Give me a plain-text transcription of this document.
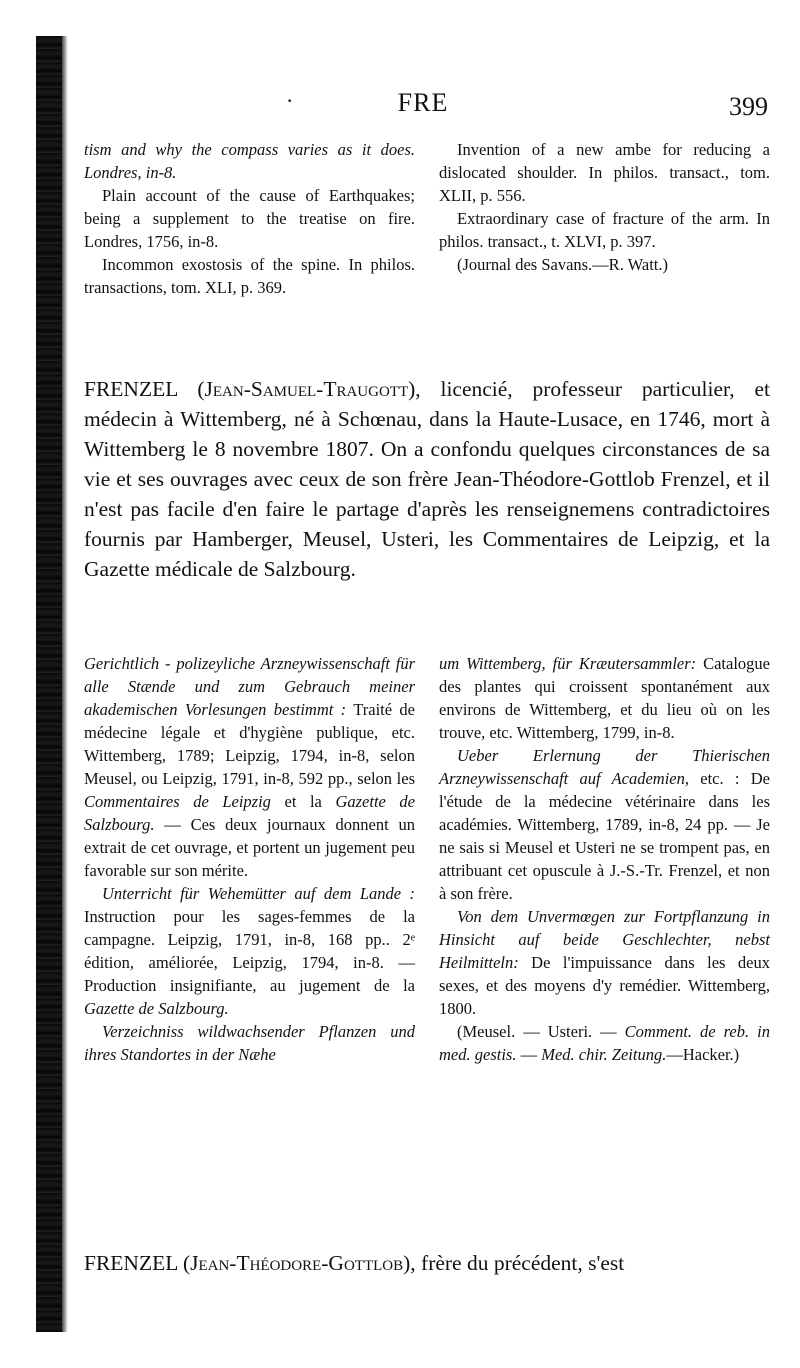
·	FRE	399

tism and why the compass varies as it does. Londres, in-8.

Plain account of the cause of Earthquakes; being a supplement to the treatise on fire. Londres, 1756, in-8.

Incommon exostosis of the spine. In philos. transactions, tom. XLI, p. 369.

Invention of a new ambe for reducing a dislocated shoulder. In philos. transact., tom. XLII, p. 556.

Extraordinary case of fracture of the arm. In philos. transact., t. XLVI, p. 397.

(Journal des Savans.—R. Watt.)

FRENZEL (Jean-Samuel-Traugott), licencié, professeur particulier, et médecin à Wittemberg, né à Schœnau, dans la Haute-Lusace, en 1746, mort à Wittemberg le 8 novembre 1807. On a confondu quelques circonstances de sa vie et ses ouvrages avec ceux de son frère Jean-Théodore-Gottlob Frenzel, et il n'est pas facile d'en faire le partage d'après les renseignemens contradictoires fournis par Hamberger, Meusel, Usteri, les Commentaires de Leipzig, et la Gazette médicale de Salzbourg.

Gerichtlich - polizeyliche Arzneywissenschaft für alle Stænde und zum Gebrauch meiner akademischen Vorlesungen bestimmt : Traité de médecine légale et d'hygiène publique, etc. Wittemberg, 1789; Leipzig, 1794, in-8, selon Meusel, ou Leipzig, 1791, in-8, 592 pp., selon les Commentaires de Leipzig et la Gazette de Salzbourg. — Ces deux journaux donnent un extrait de cet ouvrage, et portent un jugement peu favorable sur son mérite.

Unterricht für Wehemütter auf dem Lande : Instruction pour les sages-femmes de la campagne. Leipzig, 1791, in-8, 168 pp.. 2ᵉ édition, améliorée, Leipzig, 1794, in-8. — Production insignifiante, au jugement de la Gazette de Salzbourg.

Verzeichniss wildwachsender Pflanzen und ihres Standortes in der Næhe

um Wittemberg, für Kræutersammler: Catalogue des plantes qui croissent spontanément aux environs de Wittemberg, et du lieu où on les trouve, etc. Wittemberg, 1799, in-8.

Ueber Erlernung der Thierischen Arzneywissenschaft auf Academien, etc. : De l'étude de la médecine vétérinaire dans les académies. Wittemberg, 1789, in-8, 24 pp. — Je ne sais si Meusel et Usteri ne se trompent pas, en attribuant cet opuscule à J.-S.-Tr. Frenzel, et non à son frère.

Von dem Unvermœgen zur Fortpflanzung in Hinsicht auf beide Geschlechter, nebst Heilmitteln: De l'impuissance dans les deux sexes, et des moyens d'y remédier. Wittemberg, 1800.

(Meusel. — Usteri. — Comment. de reb. in med. gestis. — Med. chir. Zeitung.—Hacker.)

FRENZEL (Jean-Théodore-Gottlob), frère du précédent, s'est
